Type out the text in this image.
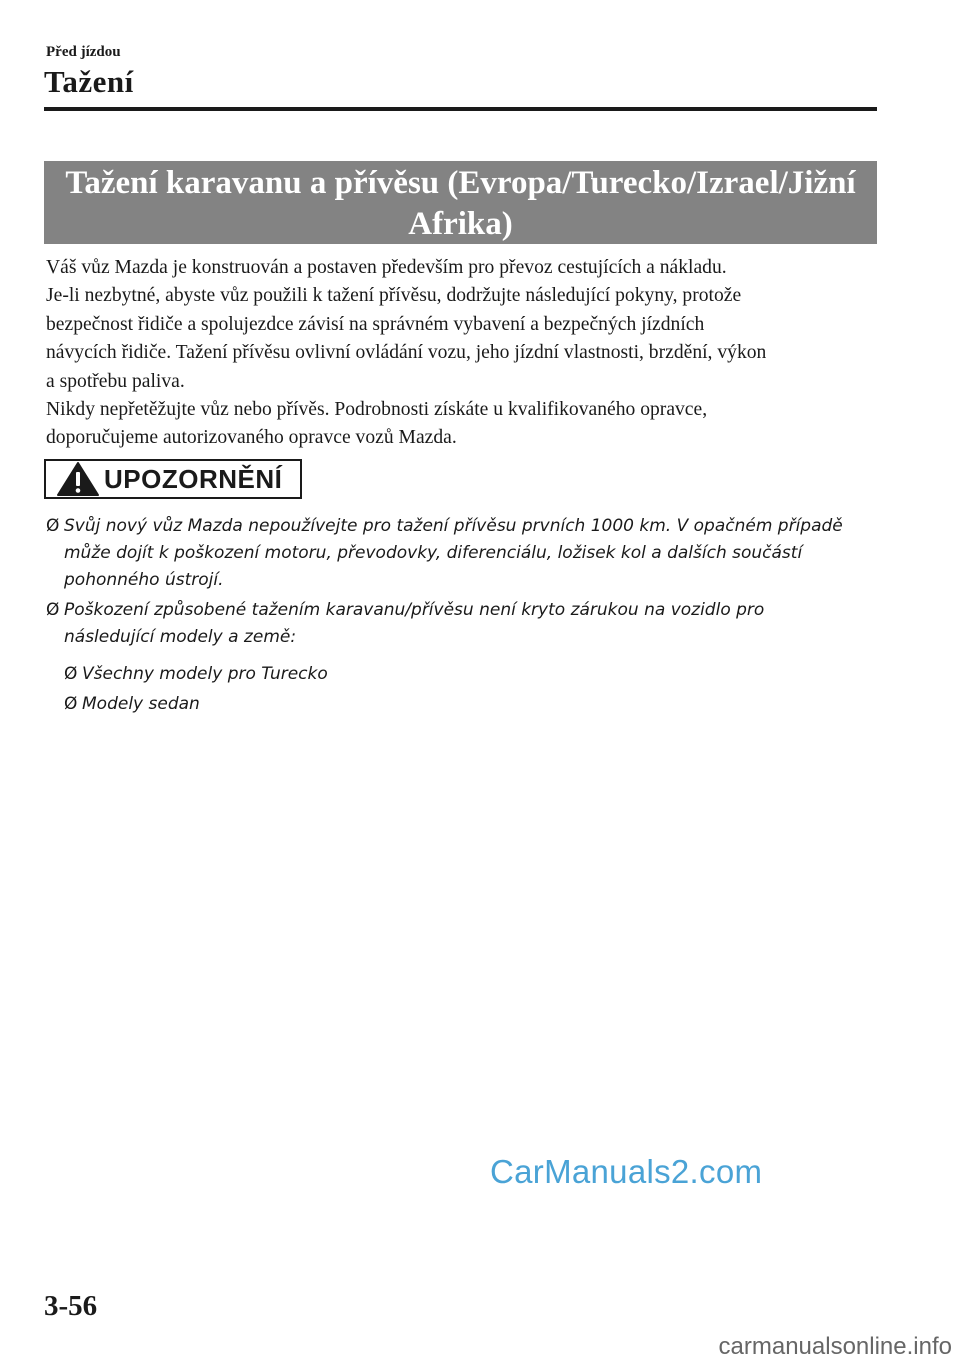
Před jízdou
Tažení
Tažení karavanu a přívěsu (Evropa/Turecko/Izrael/Jižní
Afrika)

Váš vůz Mazda je konstruován a postaven především pro převoz cestujících a nákladu.

Je-li nezbytné, abyste vůz použili k tažení přívěsu, dodržujte následující pokyny, protože

bezpečnost řidiče a spolujezdce závisí na správném vybavení a bezpečných jízdních

návycích řidiče. Tažení přívěsu ovlivní ovládání vozu, jeho jízdní vlastnosti, brzdění, výkon

a spotřebu paliva.

Nikdy nepřetěžujte vůz nebo přívěs. Podrobnosti získáte u kvalifikovaného opravce,

doporučujeme autorizovaného opravce vozů Mazda.

UPOZORNĚNÍ
Ø Svůj nový vůz Mazda nepoužívejte pro tažení přívěsu prvních 1000 km. V opačném případě
může dojít k poškození motoru, převodovky, diferenciálu, ložisek kol a dalších součástí
pohonného ústrojí.
Ø Poškození způsobené tažením karavanu/přívěsu není kryto zárukou na vozidlo pro
následující modely a země:
Ø Všechny modely pro Turecko
Ø Modely sedan
CarManuals2.com
3-56
carmanualsonline.info
